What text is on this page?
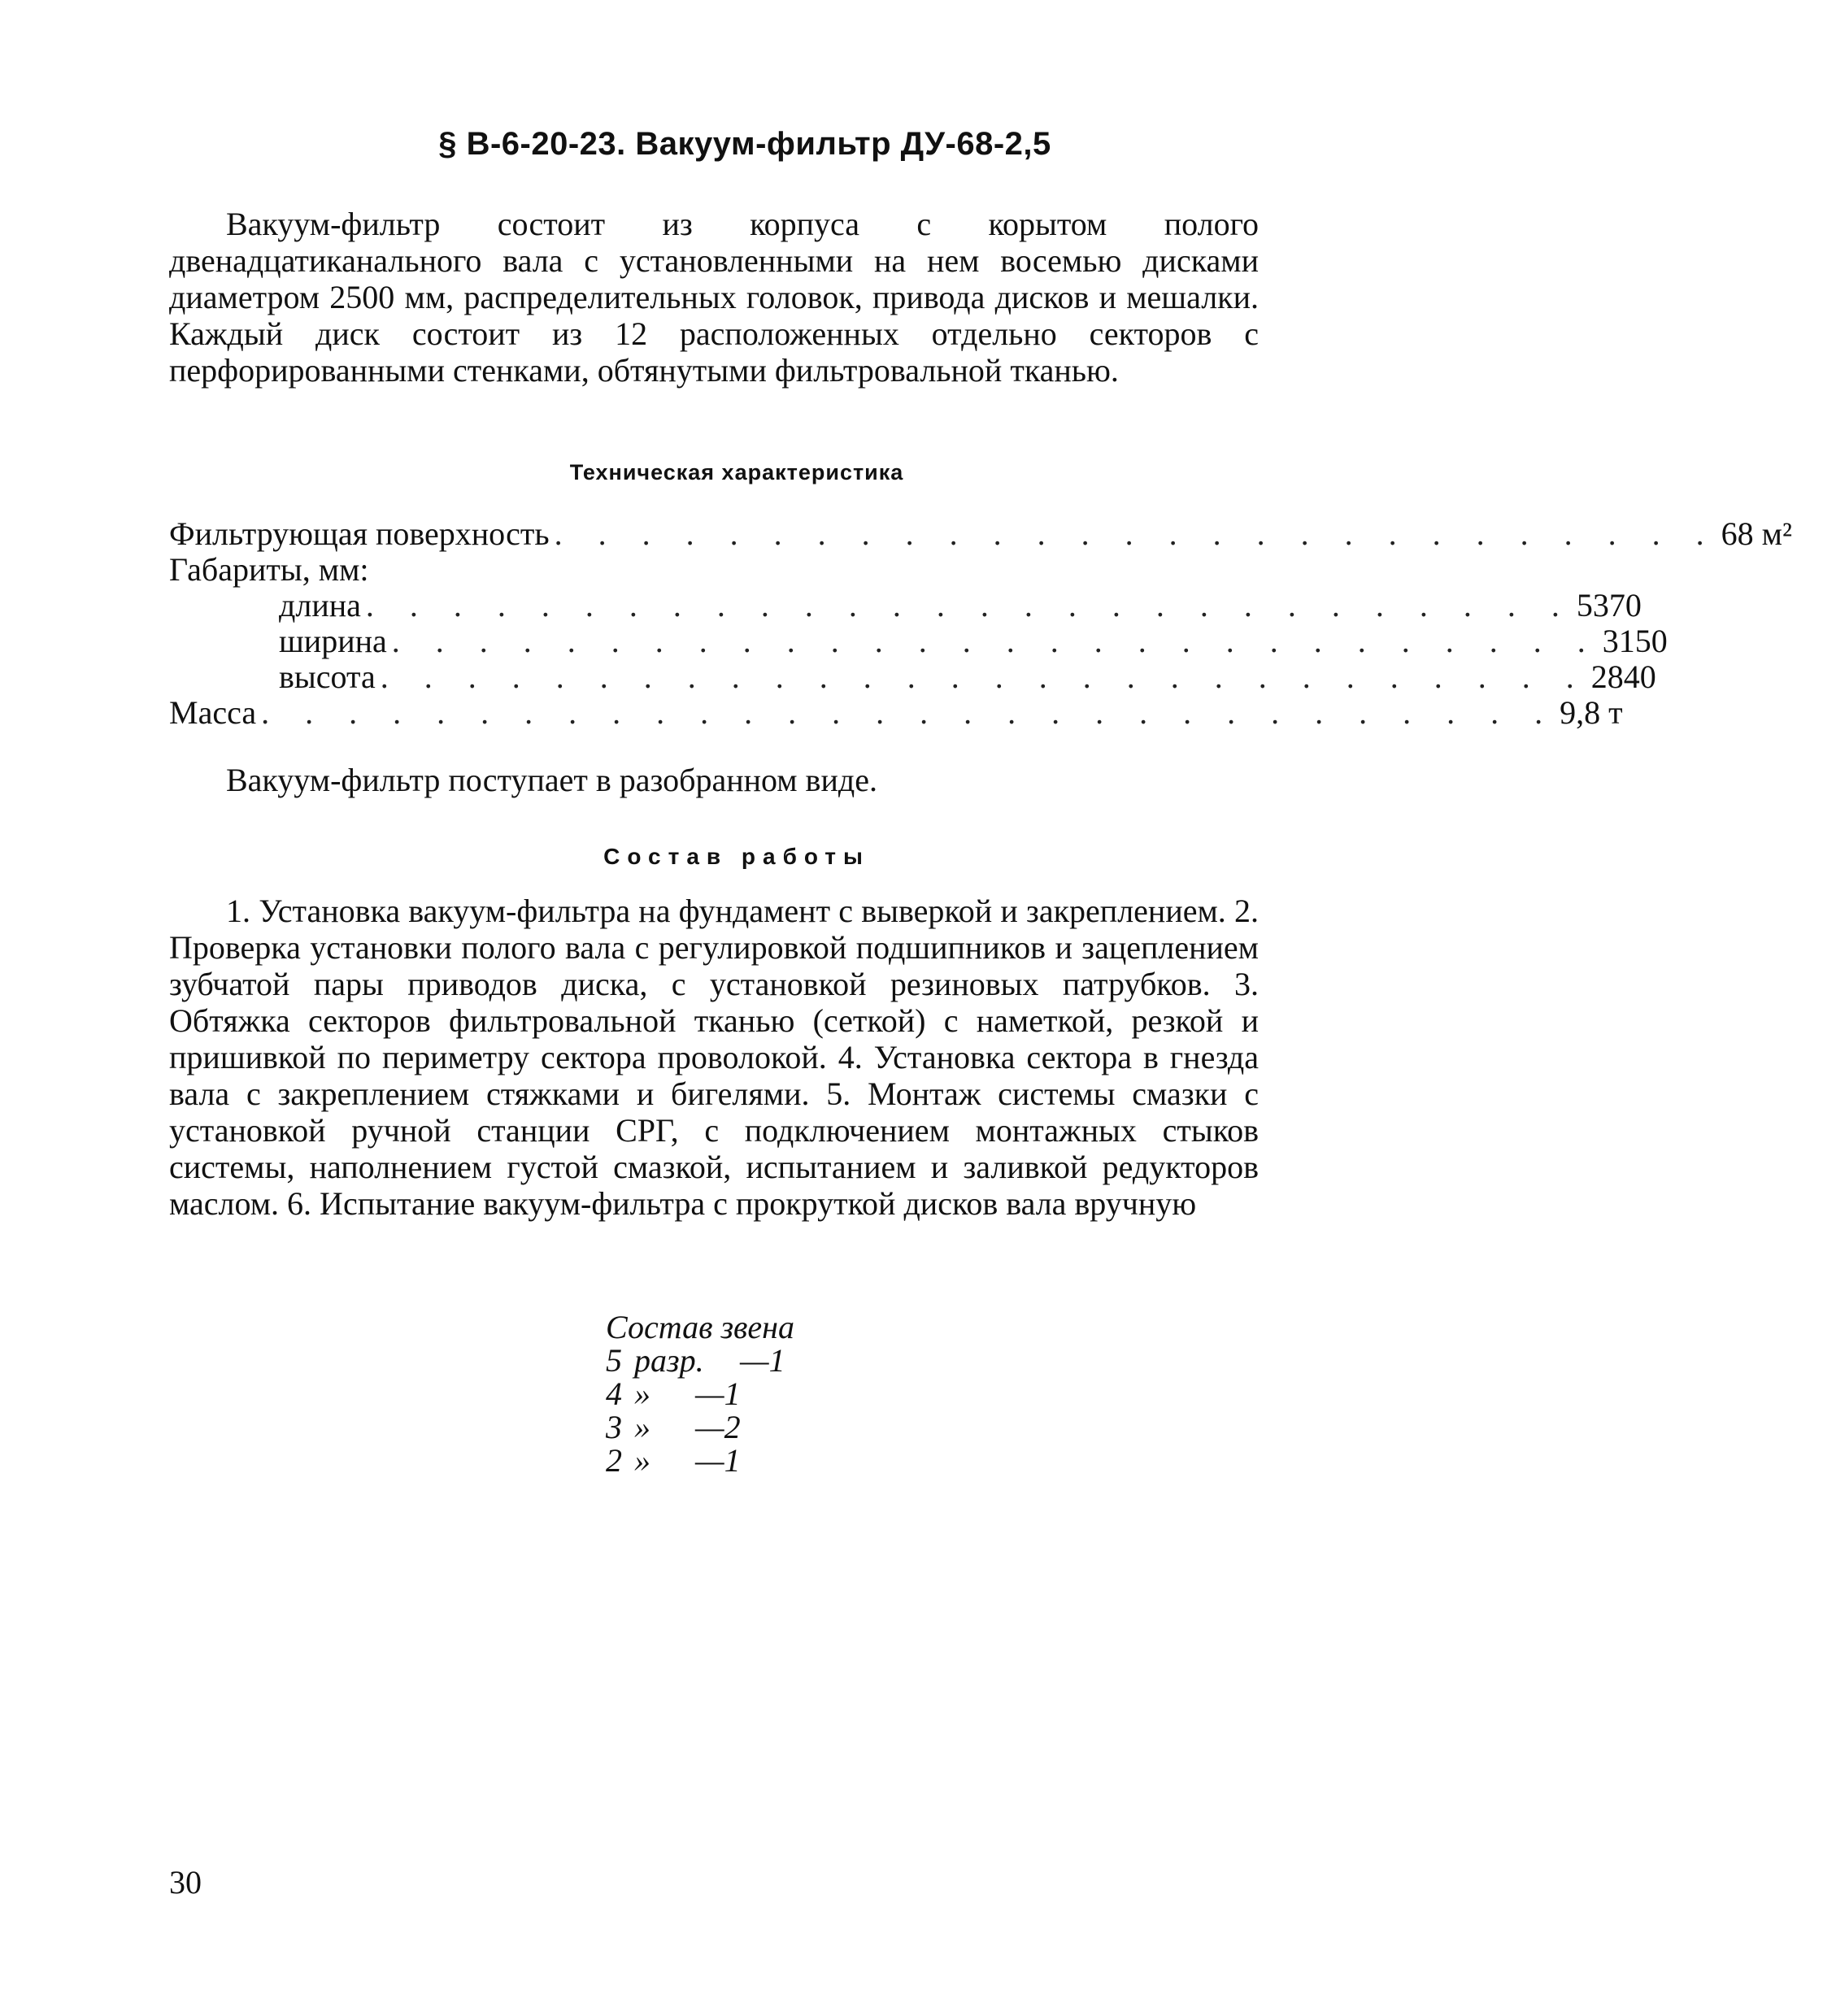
§ В-6-20-23. Вакуум-фильтр ДУ-68-2,5

Вакуум-фильтр состоит из корпуса с корытом полого двенадцатиканального вала с установленными на нем восемью дисками диаметром 2500 мм, распределительных головок, привода дисков и мешалки. Каждый диск состоит из 12 расположенных отдельно секторов с перфорированными стенками, обтянутыми фильтровальной тканью.

Техническая характеристика
Фильтрующая поверхность . . . . . . . . . . . . . . . . . . . . . . . . . . . 68 м²
Габариты, мм:
длина . . . . . . . . . . . . . . . . . . . . . . . . . . . . 5370
ширина . . . . . . . . . . . . . . . . . . . . . . . . . . . . 3150
высота . . . . . . . . . . . . . . . . . . . . . . . . . . . . 2840
Масса . . . . . . . . . . . . . . . . . . . . . . . . . . . . . . 9,8 т
Вакуум-фильтр поступает в разобранном виде.
Состав работы

1. Установка вакуум-фильтра на фундамент с выверкой и закреплением. 2. Проверка установки полого вала с регулировкой подшипников и зацеплением зубчатой пары приводов диска, с установкой резиновых патрубков. 3. Обтяжка секторов фильтровальной тканью (сеткой) с наметкой, резкой и пришивкой по периметру сектора проволокой. 4. Установка сектора в гнезда вала с закреплением стяжками и бигелями. 5. Монтаж системы смазки с установкой ручной станции СРГ, с подключением монтажных стыков системы, наполнением густой смазкой, испытанием и заливкой редукторов маслом. 6. Испытание вакуум-фильтра с прокруткой дисков вала вручную

Состав звена
5 разр.	—1
4 »	—1
3 »	—2
2 »	—1
30
